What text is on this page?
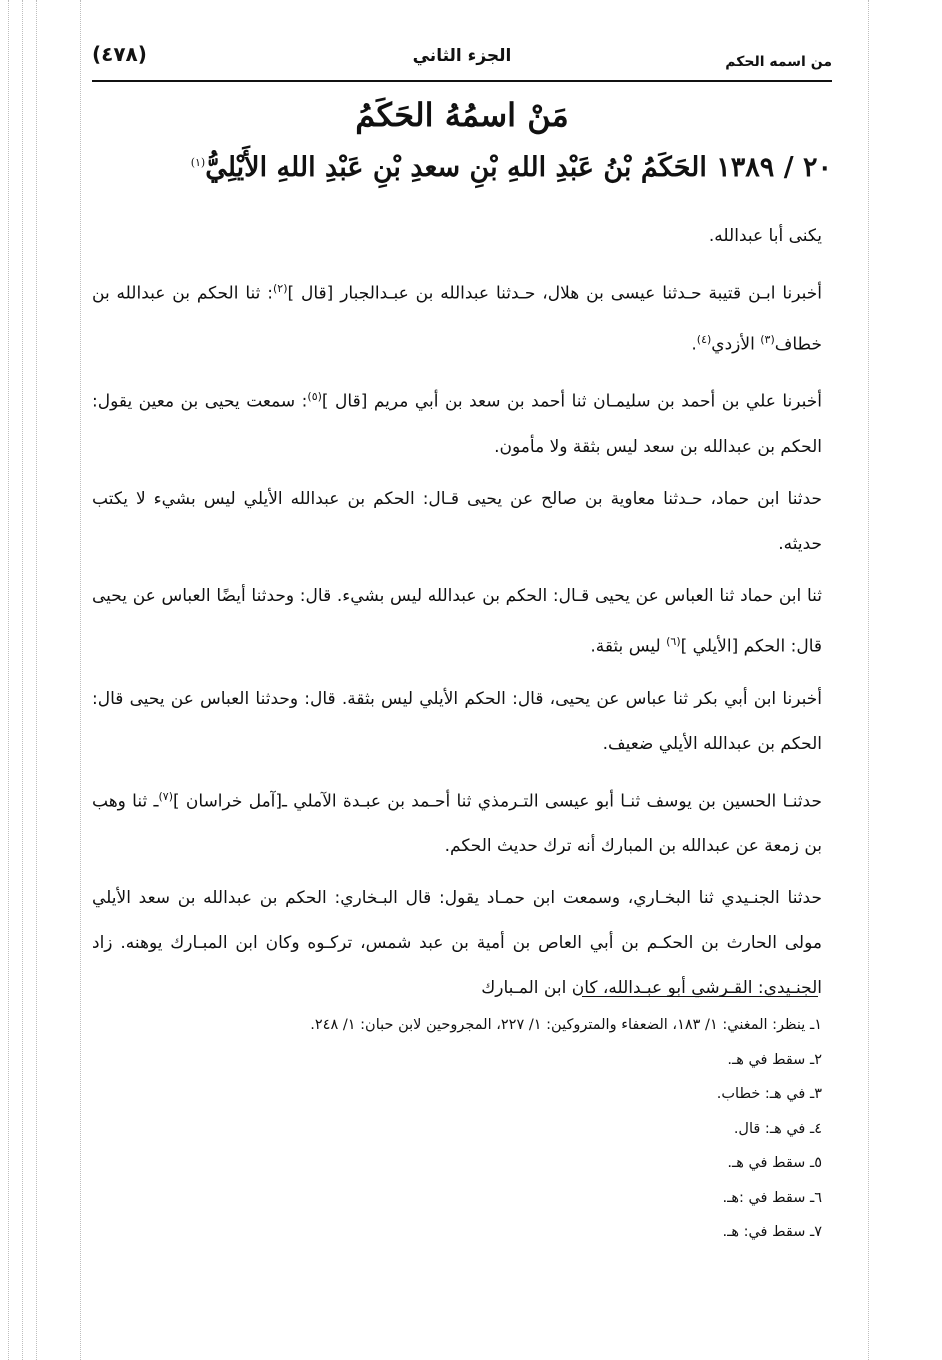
(٤٧٨)	الجزء الثاني	من اسمه الحكم
مَنْ اسمُهُ الحَكَمُ
٢٠ / ١٣٨٩ الحَكَمُ بْنُ عَبْدِ اللهِ بْنِ سعدِ بْنِ عَبْدِ اللهِ الأَيْلِيُّ$^{(١)}$

يكنى أبا عبدالله.

أخبرنا ابـن قتيبة حـدثنا عيسى بن هلال، حـدثنا عبدالله بن عبـدالجبار [قال ]$^{(٢)}$: ثنا الحكم بن عبدالله بن خطاف$^{(٣)}$ الأزدي$^{(٤)}$.

أخبرنا علي بن أحمد بن سليمـان ثنا أحمد بن سعد بن أبي مريم [قال ]$^{(٥)}$: سمعت يحيى بن معين يقول: الحكم بن عبدالله بن سعد ليس بثقة ولا مأمون.

حدثنا ابن حماد، حـدثنا معاوية بن صالح عن يحيى قـال: الحكم بن عبدالله الأيلي ليس بشيء لا يكتب حديثه.

ثنا ابن حماد ثنا العباس عن يحيى قـال: الحكم بن عبدالله ليس بشيء. قال: وحدثنا أيضًا العباس عن يحيى قال: الحكم [الأيلي ]$^{(٦)}$ ليس بثقة.

أخبرنا ابن أبي بكر ثنا عباس عن يحيى، قال: الحكم الأيلي ليس بثقة. قال: وحدثنا العباس عن يحيى قال: الحكم بن عبدالله الأيلي ضعيف.

حدثنـا الحسين بن يوسف ثنـا أبو عيسى التـرمذي ثنا أحـمد بن عبـدة الآملي ـ[آمل خراسان ]$^{(٧)}$ـ ثنا وهب بن زمعة عن عبدالله بن المبارك أنه ترك حديث الحكم.

حدثنا الجنـيدي ثنا البخـاري، وسمعت ابن حمـاد يقول: قال البـخاري: الحكم بن عبدالله بن سعد الأيلي مولى الحارث بن الحكـم بن أبي العاص بن أمية بن عبد شمس، تركـوه وكان ابن المبـارك يوهنه. زاد الجنـيدي: القـرشي أبو عبـدالله، كان ابن المـبارك

١ـ ينظر: المغني: ١/ ١٨٣، الضعفاء والمتروكين: ١/ ٢٢٧، المجروحين لابن حبان: ١/ ٢٤٨.
٢ـ سقط في هـ.
٣ـ في هـ: خطاب.
٤ـ في هـ: قال.
٥ـ سقط في هـ.
٦ـ سقط في :هـ.
٧ـ سقط في: هـ.
